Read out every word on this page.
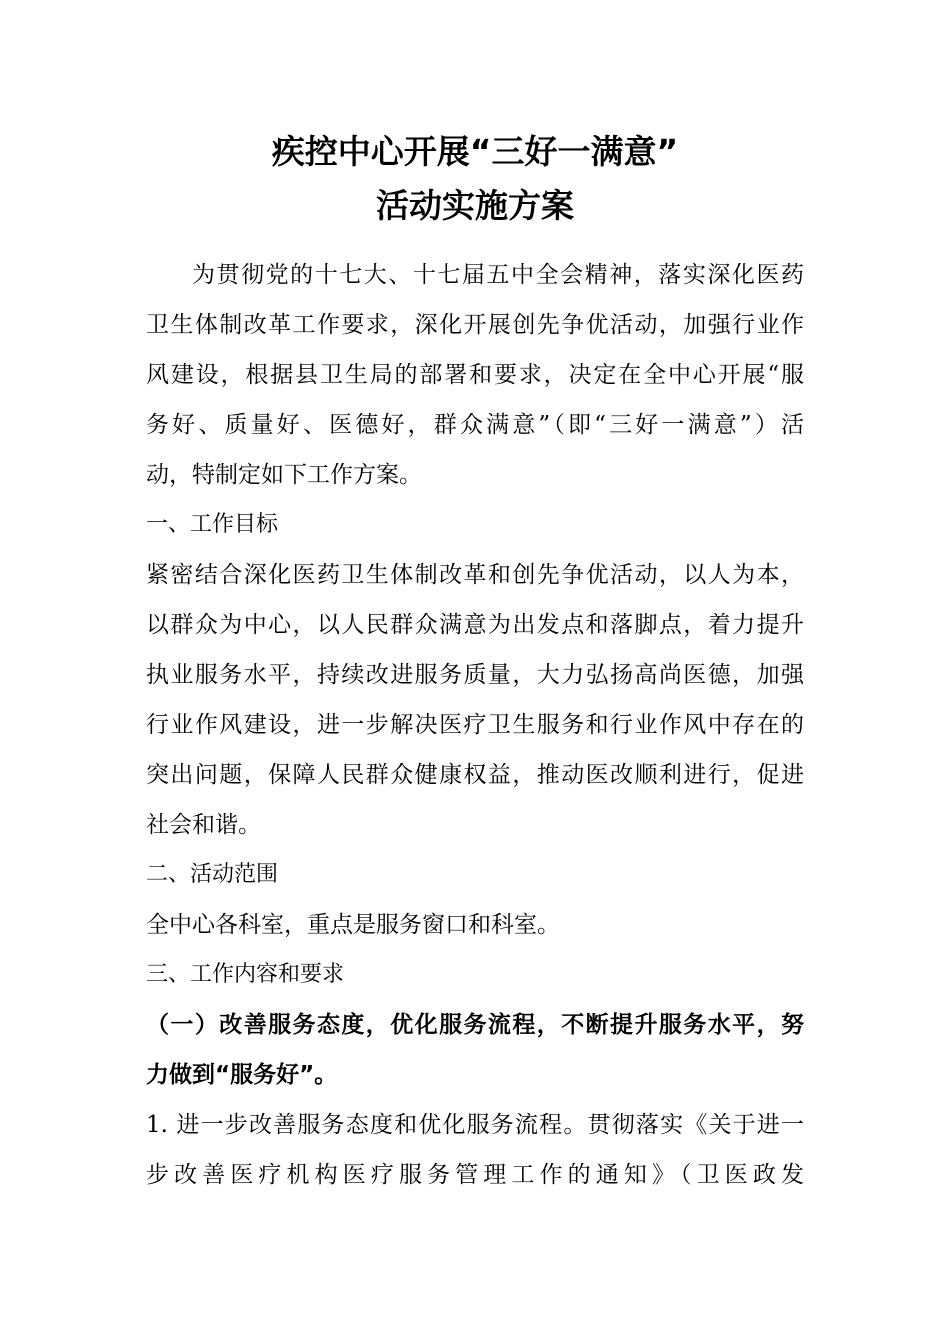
疾控中心开展“三好一满意”
活动实施方案
为贯彻党的十七大、十七届五中全会精神，落实深化医药
卫生体制改革工作要求，深化开展创先争优活动，加强行业作
风建设，根据县卫生局的部署和要求，决定在全中心开展“服
务好、质量好、医德好，群众满意”（即“三好一满意”）活
动，特制定如下工作方案。
一、工作目标
紧密结合深化医药卫生体制改革和创先争优活动，以人为本，
以群众为中心，以人民群众满意为出发点和落脚点，着力提升
执业服务水平，持续改进服务质量，大力弘扬高尚医德，加强
行业作风建设，进一步解决医疗卫生服务和行业作风中存在的
突出问题，保障人民群众健康权益，推动医改顺利进行，促进
社会和谐。
二、活动范围
全中心各科室，重点是服务窗口和科室。
三、工作内容和要求
（一）改善服务态度，优化服务流程，不断提升服务水平，努
力做到“服务好”。
1. 进一步改善服务态度和优化服务流程。贯彻落实《关于进一
步改善医疗机构医疗服务管理工作的通知》（卫医政发
